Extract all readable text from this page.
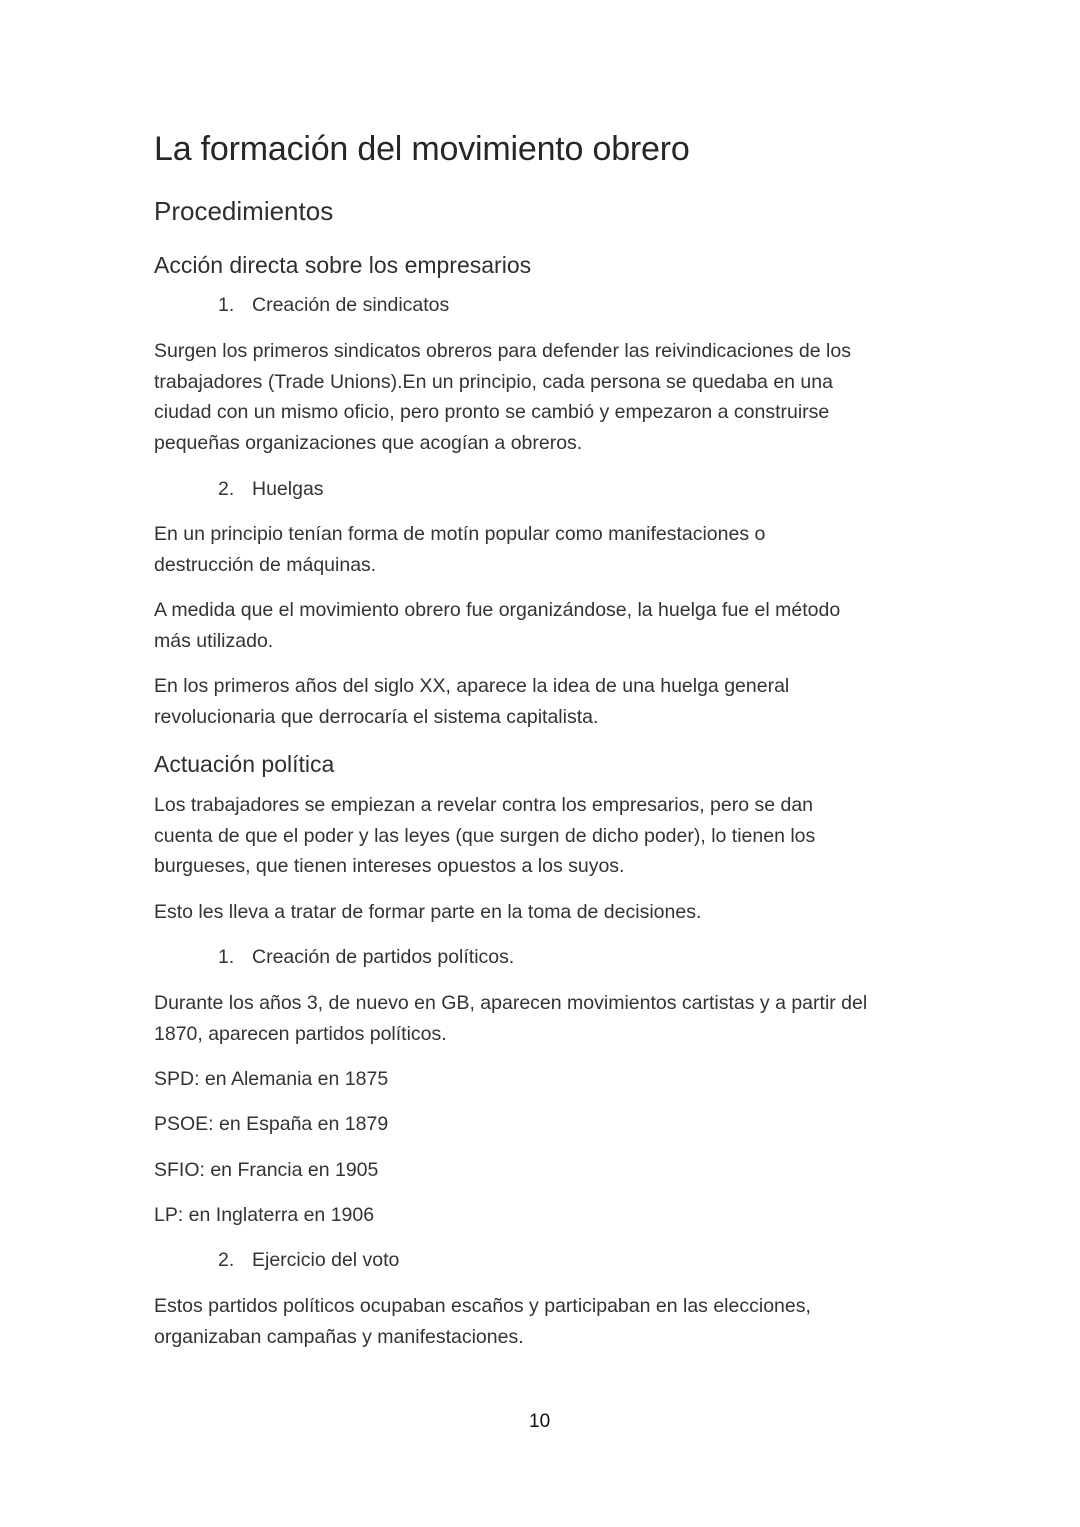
La formación del movimiento obrero
Procedimientos
Acción directa sobre los empresarios
1. Creación de sindicatos
Surgen los primeros sindicatos obreros para defender las reivindicaciones de los
trabajadores (Trade Unions).En un principio, cada persona se quedaba en una
ciudad con un mismo oficio, pero pronto se cambió y empezaron a construirse
pequeñas organizaciones que acogían a obreros.
2. Huelgas
En un principio tenían forma de motín popular como manifestaciones o
destrucción de máquinas.
A medida que el movimiento obrero fue organizándose, la huelga fue el método
más utilizado.
En los primeros años del siglo XX, aparece la idea de una huelga general
revolucionaria que derrocaría el sistema capitalista.
Actuación política
Los trabajadores se empiezan a revelar contra los empresarios, pero se dan
cuenta de que el poder y las leyes (que surgen de dicho poder), lo tienen los
burgueses, que tienen intereses opuestos a los suyos.
Esto les lleva a tratar de formar parte en la toma de decisiones.
1. Creación de partidos políticos.
Durante los años 3, de nuevo en GB, aparecen movimientos cartistas y a partir del
1870, aparecen partidos políticos.
SPD: en Alemania en 1875
PSOE: en España en 1879
SFIO: en Francia en 1905
LP: en Inglaterra en 1906
2. Ejercicio del voto
Estos partidos políticos ocupaban escaños y participaban en las elecciones,
organizaban campañas y manifestaciones.
10
